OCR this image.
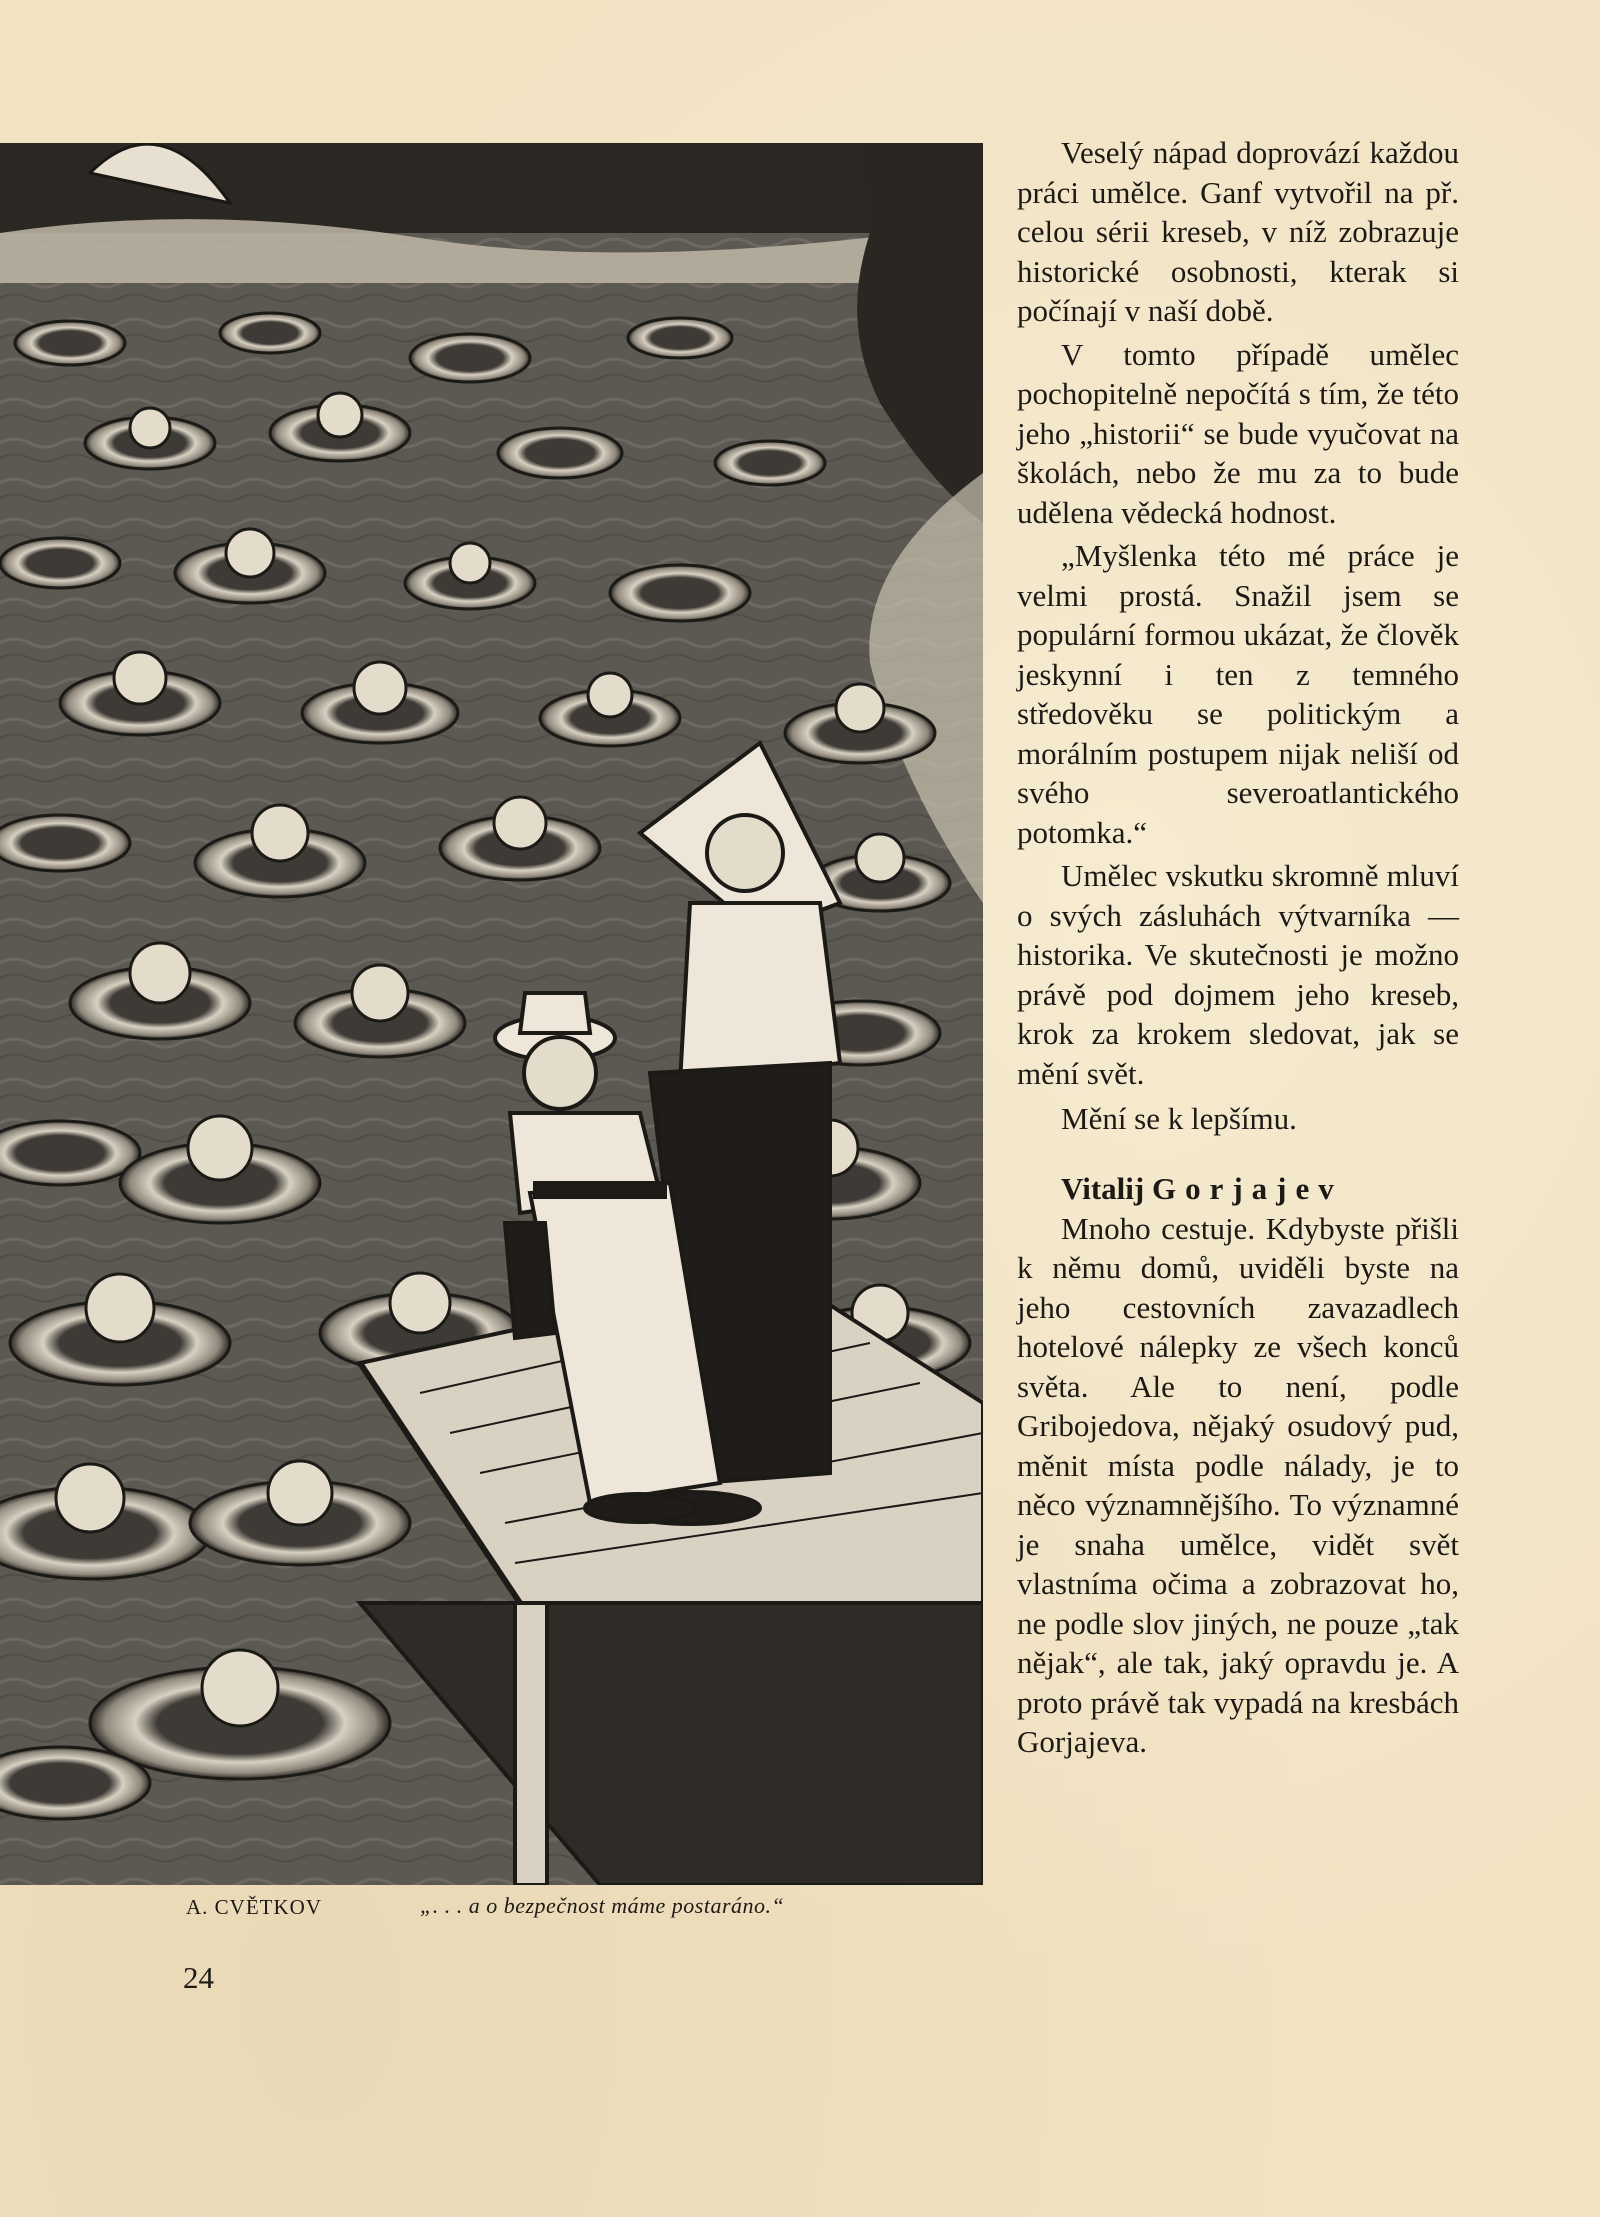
A. CVĚTKOV	„. . . a o bezpečnost máme postaráno.“
24

Veselý nápad doprovází každou práci umělce. Ganf vytvořil na př. celou sérii kreseb, v níž zobrazuje historické osobnosti, kterak si počínají v naší době.

V tomto případě umělec pochopitelně nepočítá s tím, že této jeho „historii“ se bude vyučovat na školách, nebo že mu za to bude udělena vědecká hodnost.

„Myšlenka této mé práce je velmi prostá. Snažil jsem se populární formou ukázat, že člověk jeskynní i ten z temného středověku se politickým a morálním postupem nijak neliší od svého severoatlantického potomka.“

Umělec vskutku skromně mluví o svých zásluhách výtvarníka — historika. Ve skutečnosti je možno právě pod dojmem jeho kreseb, krok za krokem sledovat, jak se mění svět.

Mění se k lepšímu.

Vitalij Gorjajev

Mnoho cestuje. Kdybyste přišli k němu domů, uviděli byste na jeho cestovních zavazadlech hotelové nálepky ze všech konců světa. Ale to není, podle Gribojedova, nějaký osudový pud, měnit místa podle nálady, je to něco významnějšího. To významné je snaha umělce, vidět svět vlastníma očima a zobrazovat ho, ne podle slov jiných, ne pouze „tak nějak“, ale tak, jaký opravdu je. A proto právě tak vypadá na kresbách Gorjajeva.
